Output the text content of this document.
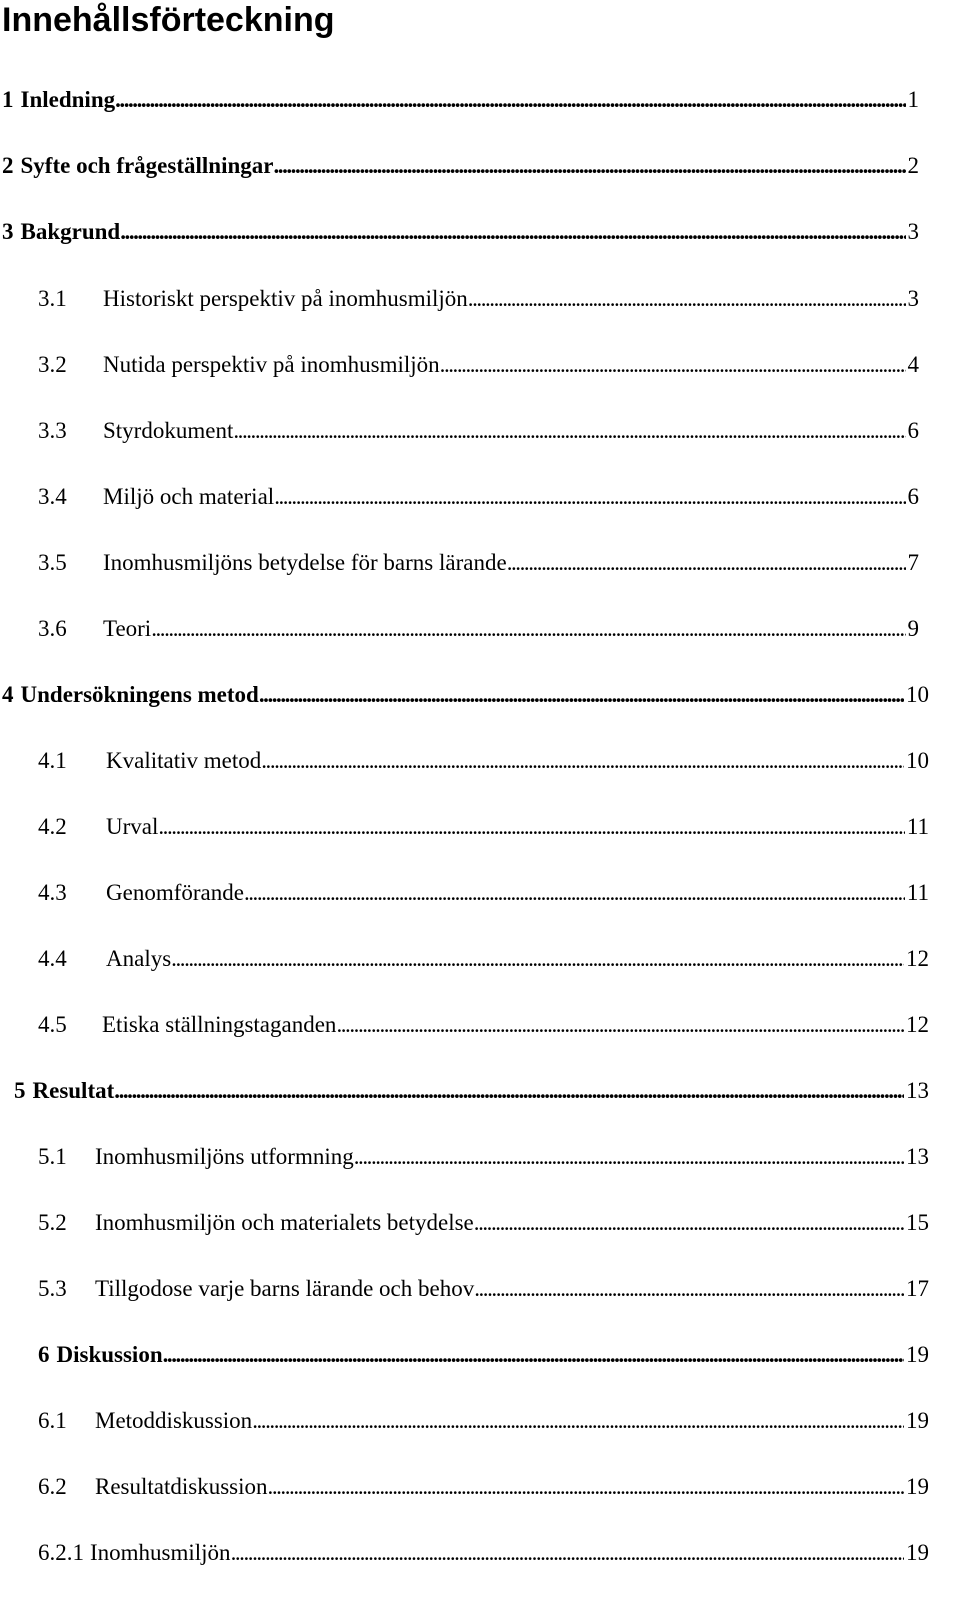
Innehållsförteckning
1 Inledning . . .	1
2 Syfte och frågeställningar . . .	2
3 Bakgrund . . .	3
3.1	Historiskt perspektiv på inomhusmiljön . . .	3
3.2	Nutida perspektiv på inomhusmiljön . . .	4
3.3	Styrdokument . . .	6
3.4	Miljö och material . . .	6
3.5	Inomhusmiljöns betydelse för barns lärande . . .	7
3.6	Teori . . .	9
4 Undersökningens metod . . .	10
4.1	Kvalitativ metod . . .	10
4.2	Urval . . .	11
4.3	Genomförande . . .	11
4.4	Analys . . .	12
4.5	Etiska ställningstaganden . . .	12
5 Resultat . . .	13
5.1	Inomhusmiljöns utformning . . .	13
5.2	Inomhusmiljön och materialets betydelse . . .	15
5.3	Tillgodose varje barns lärande och behov . . .	17
6 Diskussion . . .	19
6.1	Metoddiskussion . . .	19
6.2	Resultatdiskussion . . .	19
6.2.1 Inomhusmiljön . . .	19
